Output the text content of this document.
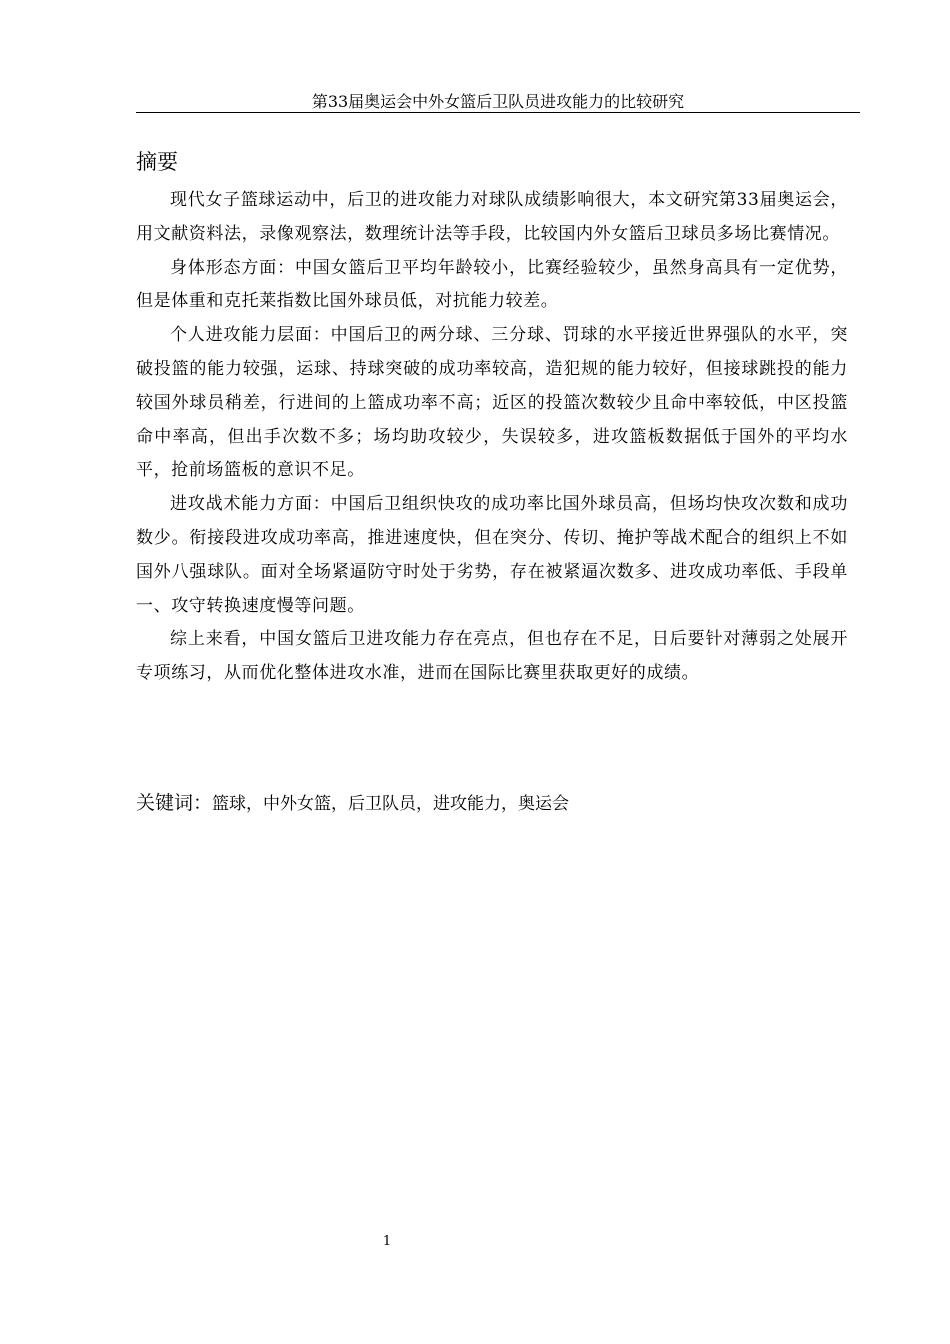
第33届奥运会中外女篮后卫队员进攻能力的比较研究
摘要

现代女子篮球运动中，后卫的进攻能力对球队成绩影响很大，本文研究第33届奥运会，用文献资料法，录像观察法，数理统计法等手段，比较国内外女篮后卫球员多场比赛情况。

身体形态方面：中国女篮后卫平均年龄较小，比赛经验较少，虽然身高具有一定优势，但是体重和克托莱指数比国外球员低，对抗能力较差。

个人进攻能力层面：中国后卫的两分球、三分球、罚球的水平接近世界强队的水平，突破投篮的能力较强，运球、持球突破的成功率较高，造犯规的能力较好，但接球跳投的能力较国外球员稍差，行进间的上篮成功率不高；近区的投篮次数较少且命中率较低，中区投篮命中率高，但出手次数不多；场均助攻较少，失误较多，进攻篮板数据低于国外的平均水平，抢前场篮板的意识不足。

进攻战术能力方面：中国后卫组织快攻的成功率比国外球员高，但场均快攻次数和成功数少。衔接段进攻成功率高，推进速度快，但在突分、传切、掩护等战术配合的组织上不如国外八强球队。面对全场紧逼防守时处于劣势，存在被紧逼次数多、进攻成功率低、手段单一、攻守转换速度慢等问题。

综上来看，中国女篮后卫进攻能力存在亮点，但也存在不足，日后要针对薄弱之处展开专项练习，从而优化整体进攻水准，进而在国际比赛里获取更好的成绩。

关键词：篮球，中外女篮，后卫队员，进攻能力，奥运会
1
